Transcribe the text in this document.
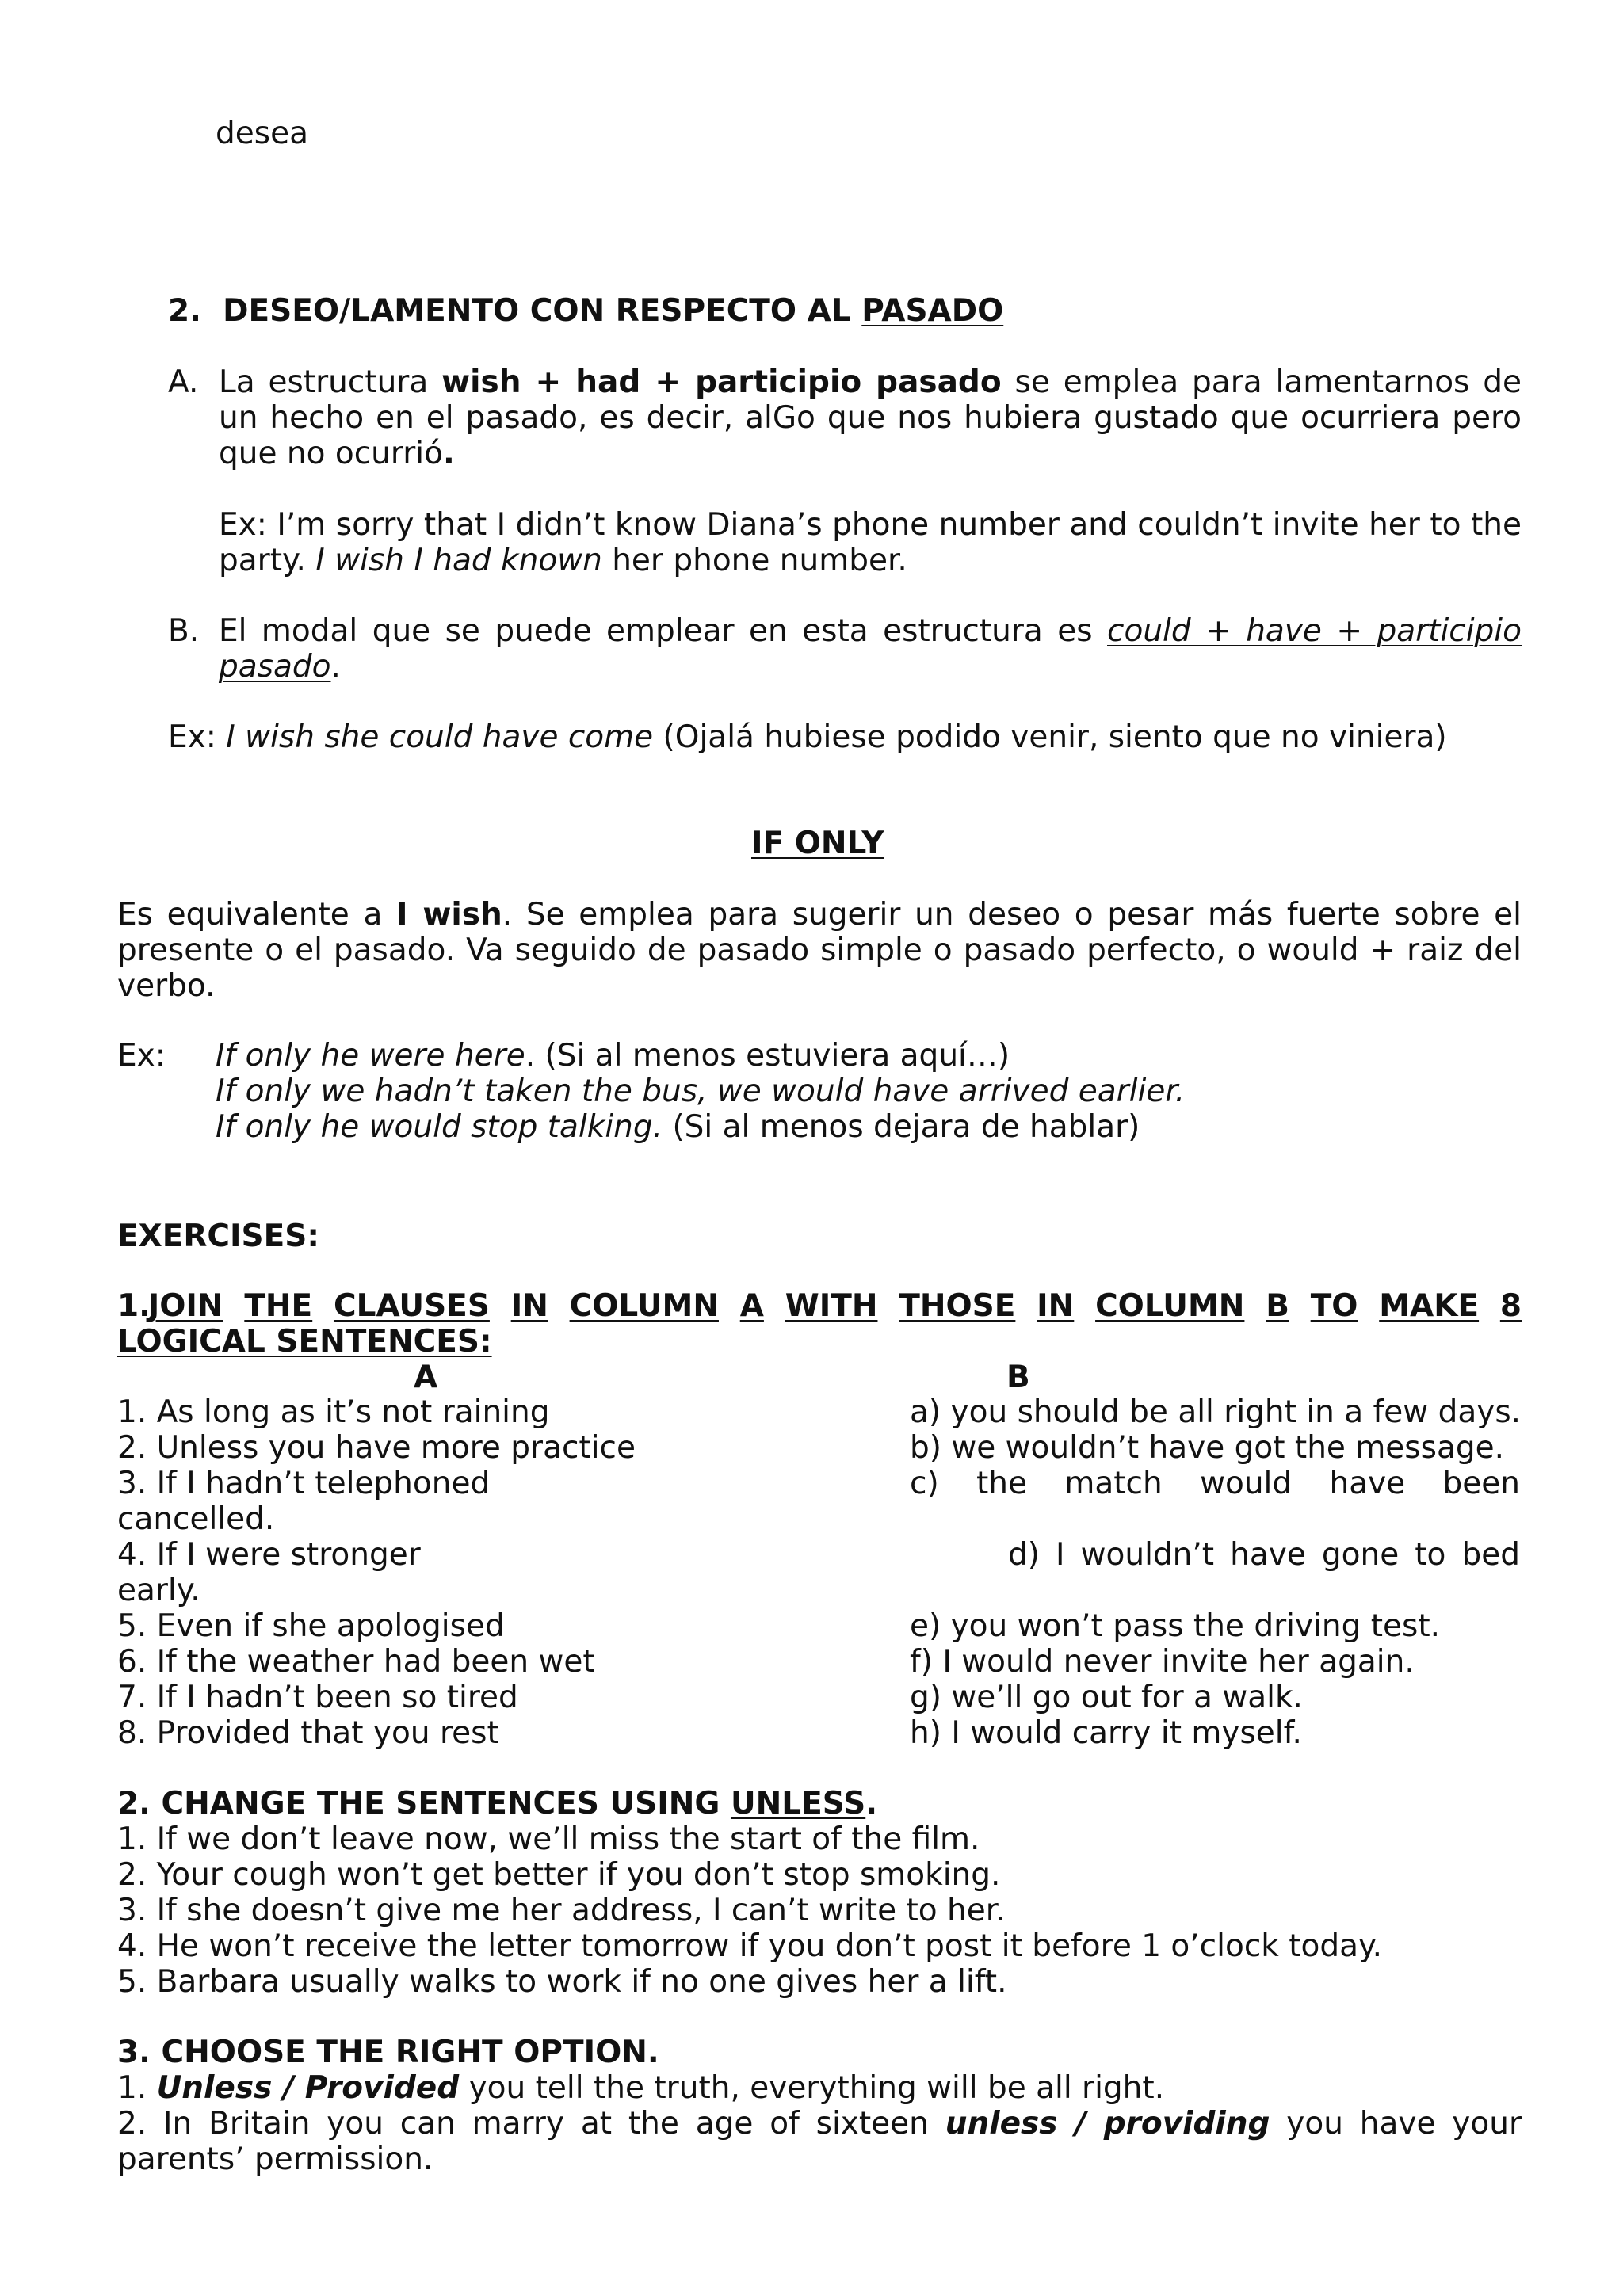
desea
2. DESEO/LAMENTO CON RESPECTO AL PASADO
A. La estructura wish + had + participio pasado se emplea para lamentarnos de un hecho en el pasado, es decir, alGo que nos hubiera gustado que ocurriera pero que no ocurrió.
Ex: I’m sorry that I didn’t know Diana’s phone number and couldn’t invite her to the party. I wish I had known her phone number.
B. El modal que se puede emplear en esta estructura es could + have + participio pasado.
Ex: I wish she could have come (Ojalá hubiese podido venir, siento que no viniera)
IF ONLY
Es equivalente a I wish. Se emplea para sugerir un deseo o pesar más fuerte sobre el presente o el pasado. Va seguido de pasado simple o pasado perfecto, o would + raiz del verbo.
Ex: If only he were here. (Si al menos estuviera aquí…)
If only we hadn’t taken the bus, we would have arrived earlier.
If only he would stop talking. (Si al menos dejara de hablar)
EXERCISES:
1.
JOIN THE CLAUSES IN COLUMN A WITH THOSE IN COLUMN B TO MAKE 8
LOGICAL SENTENCES:
A	B
1. As long as it’s not raining	a) you should be all right in a few days.
2. Unless you have more practice	b) we wouldn’t have got the message.
3. If I hadn’t telephoned	c) the match would have been
cancelled.
4. If I were stronger	d) I wouldn’t have gone to bed
early.
5. Even if she apologised	e) you won’t pass the driving test.
6. If the weather had been wet	f) I would never invite her again.
7. If I hadn’t been so tired	g) we’ll go out for a walk.
8. Provided that you rest	h) I would carry it myself.
2. CHANGE THE SENTENCES USING UNLESS.
1. If we don’t leave now, we’ll miss the start of the film.
2. Your cough won’t get better if you don’t stop smoking.
3. If she doesn’t give me her address, I can’t write to her.
4. He won’t receive the letter tomorrow if you don’t post it before 1 o’clock today.
5. Barbara usually walks to work if no one gives her a lift.
3. CHOOSE THE RIGHT OPTION.
1. Unless / Provided you tell the truth, everything will be all right.
2. In Britain you can marry at the age of sixteen unless / providing you have your parents’ permission.
